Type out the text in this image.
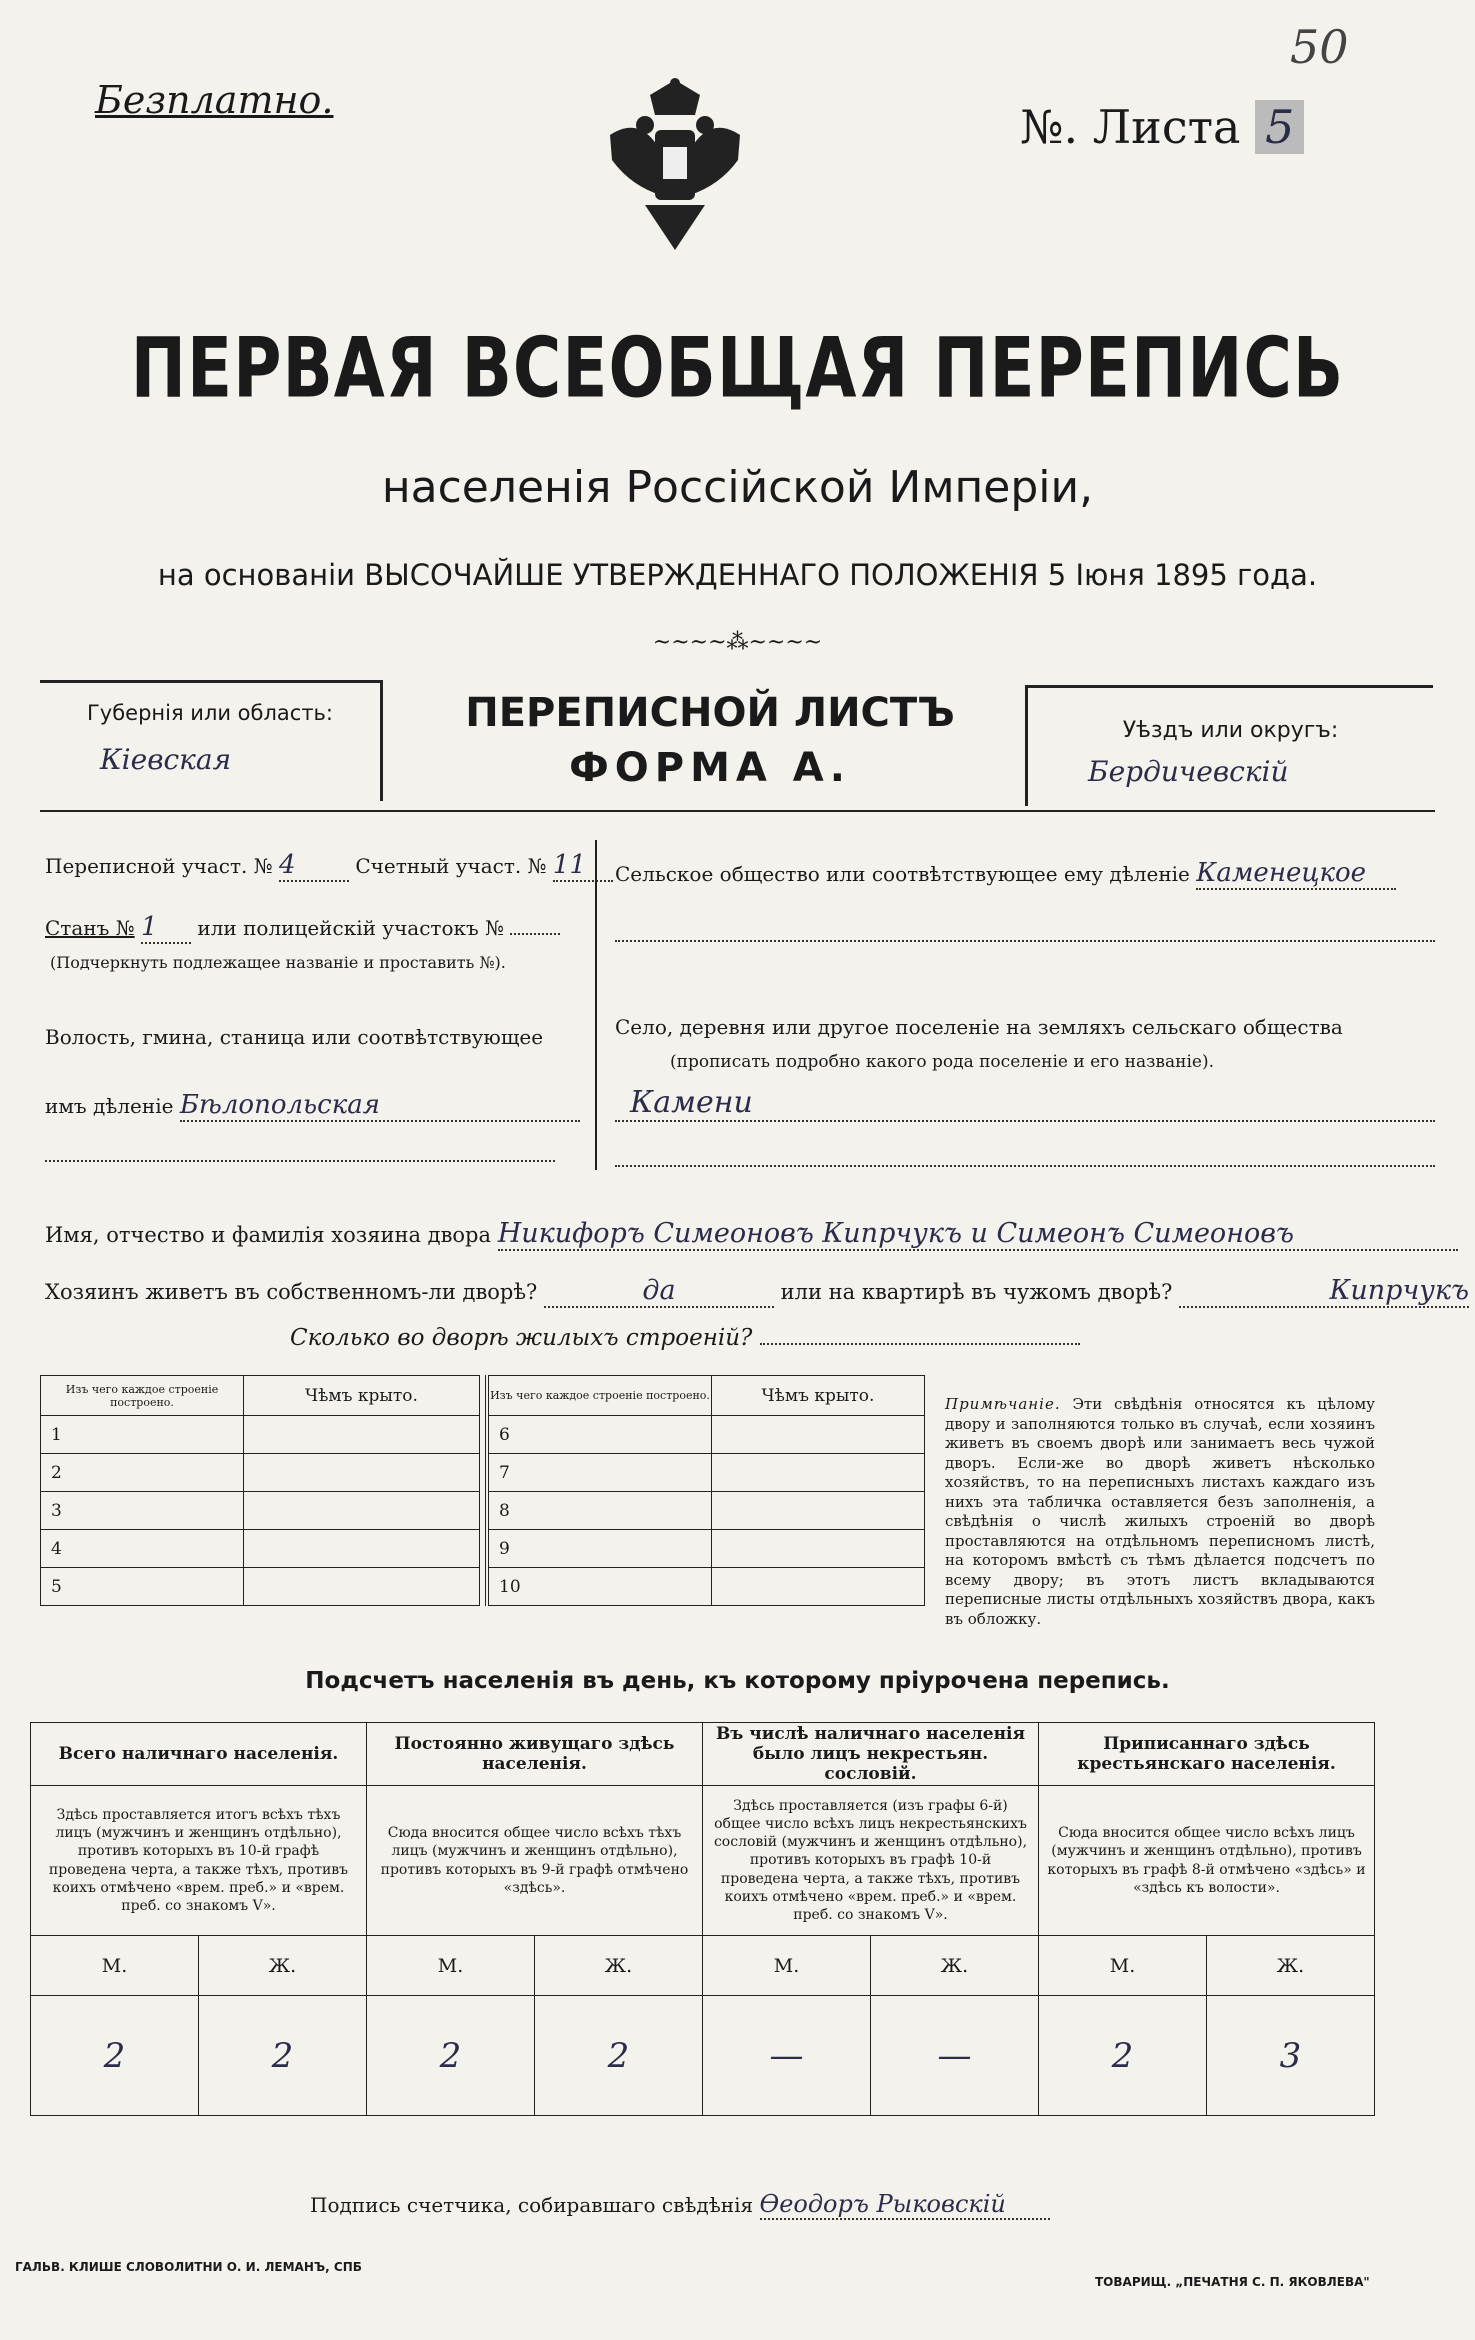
Безплатно.
50
№. Листа 5
ПЕРВАЯ ВСЕОБЩАЯ ПЕРЕПИСЬ
населенія Россійской Имперіи,
на основаніи ВЫСОЧАЙШЕ УТВЕРЖДЕННАГО ПОЛОЖЕНІЯ 5 Іюня 1895 года.
~~~~⁂~~~~
Губернія или область:
Кіевская
ПЕРЕПИСНОЙ ЛИСТЪ
ФОРМА А.
Уѣздъ или округъ:
Бердичевскій
Переписной участ. № 4	Счетный участ. № 11
Станъ № 1 или полицейскій участокъ №
(Подчеркнуть подлежащее названіе и проставить №).
Волость, гмина, станица или соотвѣтствующее
имъ дѣленіе Бѣлопольская
Сельское общество или соотвѣтствующее ему дѣленіе Каменецкое
Село, деревня или другое поселеніе на земляхъ сельскаго общества
(прописать подробно какого рода поселеніе и его названіе).
Камени
Имя, отчество и фамилія хозяина двора Никифоръ Симеоновъ Кипрчукъ и Симеонъ Симеоновъ
Хозяинъ живетъ въ собственномъ-ли дворѣ?	да	или на квартирѣ въ чужомъ дворѣ?	Кипрчукъ
Сколько во дворѣ жилыхъ строеній?
Изъ чего каждое строеніе построено.	Чѣмъ крыто.
1	
2	
3	
4	
5	
Изъ чего каждое строеніе построено.	Чѣмъ крыто.
6	
7	
8	
9	
10	
Примѣчаніе. Эти свѣдѣнія относятся къ цѣлому двору и заполняются только въ случаѣ, если хозяинъ живетъ въ своемъ дворѣ или занимаетъ весь чужой дворъ. Если-же во дворѣ живетъ нѣсколько хозяйствъ, то на переписныхъ листахъ каждаго изъ нихъ эта табличка оставляется безъ заполненія, а свѣдѣнія о числѣ жилыхъ строеній во дворѣ проставляются на отдѣльномъ переписномъ листѣ, на которомъ вмѣстѣ съ тѣмъ дѣлается подсчетъ по всему двору; въ этотъ листъ вкладываются переписные листы отдѣльныхъ хозяйствъ двора, какъ въ обложку.
Подсчетъ населенія въ день, къ которому пріурочена перепись.
Всего наличнаго населенія.		Постоянно живущаго здѣсь населенія.		Въ числѣ наличнаго населенія было лицъ некрестьян. сословій.		Приписаннаго здѣсь крестьянскаго населенія.	
Здѣсь проставляется итогъ всѣхъ тѣхъ лицъ (мужчинъ и женщинъ отдѣльно), противъ которыхъ въ 10-й графѣ проведена черта, а также тѣхъ, противъ коихъ отмѣчено «врем. преб.» и «врем. преб. со знакомъ V».		Сюда вносится общее число всѣхъ тѣхъ лицъ (мужчинъ и женщинъ отдѣльно), противъ которыхъ въ 9-й графѣ отмѣчено «здѣсь».		Здѣсь проставляется (изъ графы 6-й) общее число всѣхъ лицъ некрестьянскихъ сословій (мужчинъ и женщинъ отдѣльно), противъ которыхъ въ графѣ 10-й проведена черта, а также тѣхъ, противъ коихъ отмѣчено «врем. преб.» и «врем. преб. со знакомъ V».		Сюда вносится общее число всѣхъ лицъ (мужчинъ и женщинъ отдѣльно), противъ которыхъ въ графѣ 8-й отмѣчено «здѣсь» и «здѣсь къ волости».	
М.	Ж.	М.	Ж.	М.	Ж.	М.	Ж.
2	2	2	2	—	—	2	3
Подпись счетчика, собиравшаго свѣдѣнія Өеодоръ Рыковскій
ГАЛЬВ. КЛИШЕ СЛОВОЛИТНИ О. И. ЛЕМАНЪ, СПБ
ТОВАРИЩ. „ПЕЧАТНЯ С. П. ЯКОВЛЕВА"
